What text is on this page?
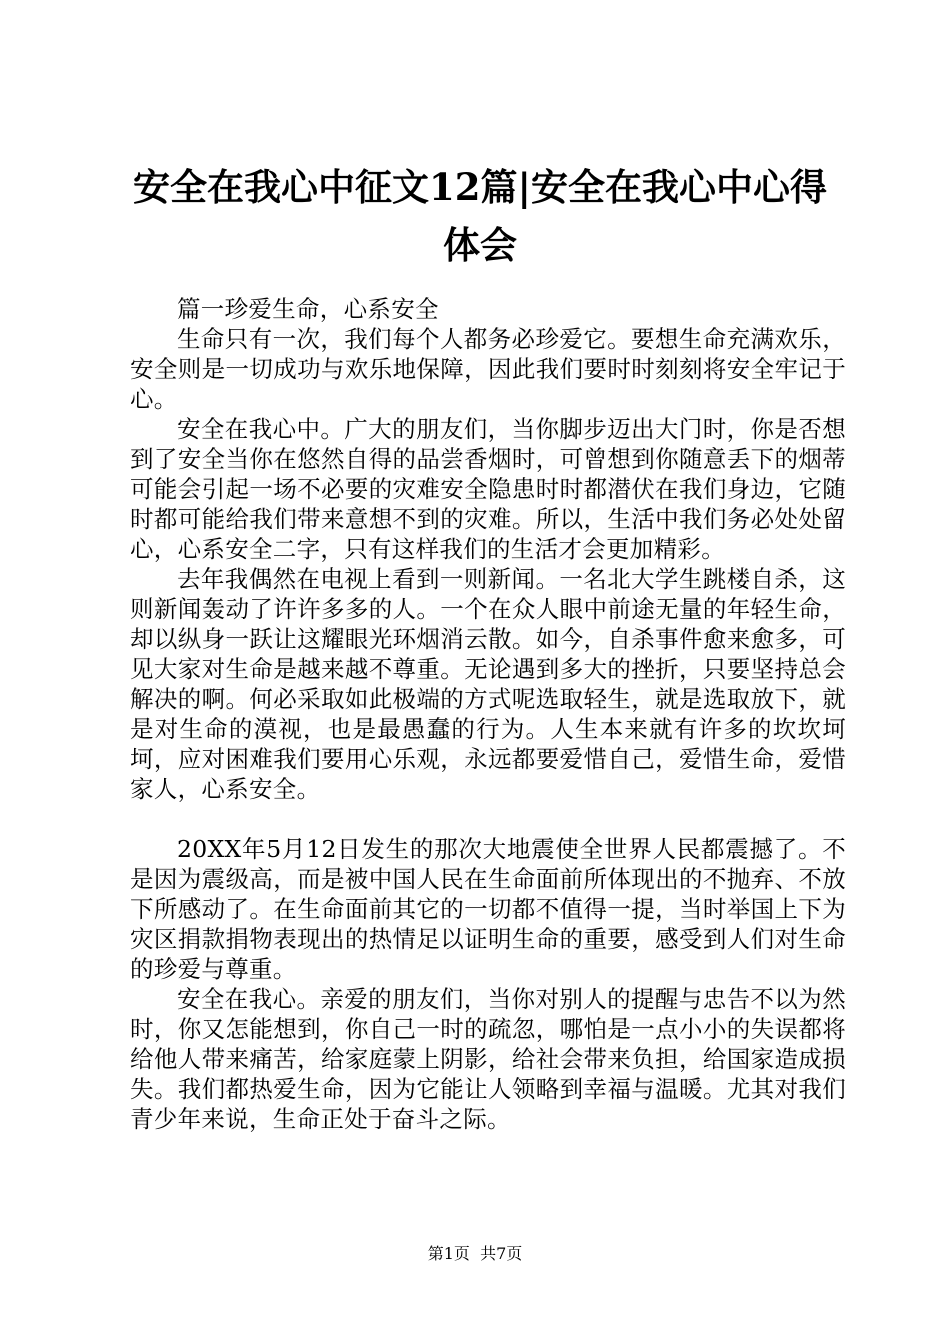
安全在我心中征文12篇|安全在我心中心得体会

篇一珍爱生命，心系安全

生命只有一次，我们每个人都务必珍爱它。要想生命充满欢乐，安全则是一切成功与欢乐地保障，因此我们要时时刻刻将安全牢记于心。

安全在我心中。广大的朋友们，当你脚步迈出大门时，你是否想到了安全当你在悠然自得的品尝香烟时，可曾想到你随意丢下的烟蒂可能会引起一场不必要的灾难安全隐患时时都潜伏在我们身边，它随时都可能给我们带来意想不到的灾难。所以，生活中我们务必处处留心，心系安全二字，只有这样我们的生活才会更加精彩。

去年我偶然在电视上看到一则新闻。一名北大学生跳楼自杀，这则新闻轰动了许许多多的人。一个在众人眼中前途无量的年轻生命，却以纵身一跃让这耀眼光环烟消云散。如今，自杀事件愈来愈多，可见大家对生命是越来越不尊重。无论遇到多大的挫折，只要坚持总会解决的啊。何必采取如此极端的方式呢选取轻生，就是选取放下，就是对生命的漠视，也是最愚蠢的行为。人生本来就有许多的坎坎坷坷，应对困难我们要用心乐观，永远都要爱惜自己，爱惜生命，爱惜家人，心系安全。

20XX年5月12日发生的那次大地震使全世界人民都震撼了。不是因为震级高，而是被中国人民在生命面前所体现出的不抛弃、不放下所感动了。在生命面前其它的一切都不值得一提，当时举国上下为灾区捐款捐物表现出的热情足以证明生命的重要，感受到人们对生命的珍爱与尊重。

安全在我心。亲爱的朋友们，当你对别人的提醒与忠告不以为然时，你又怎能想到，你自己一时的疏忽，哪怕是一点小小的失误都将给他人带来痛苦，给家庭蒙上阴影，给社会带来负担，给国家造成损失。我们都热爱生命，因为它能让人领略到幸福与温暖。尤其对我们青少年来说，生命正处于奋斗之际。

第1页  共7页
